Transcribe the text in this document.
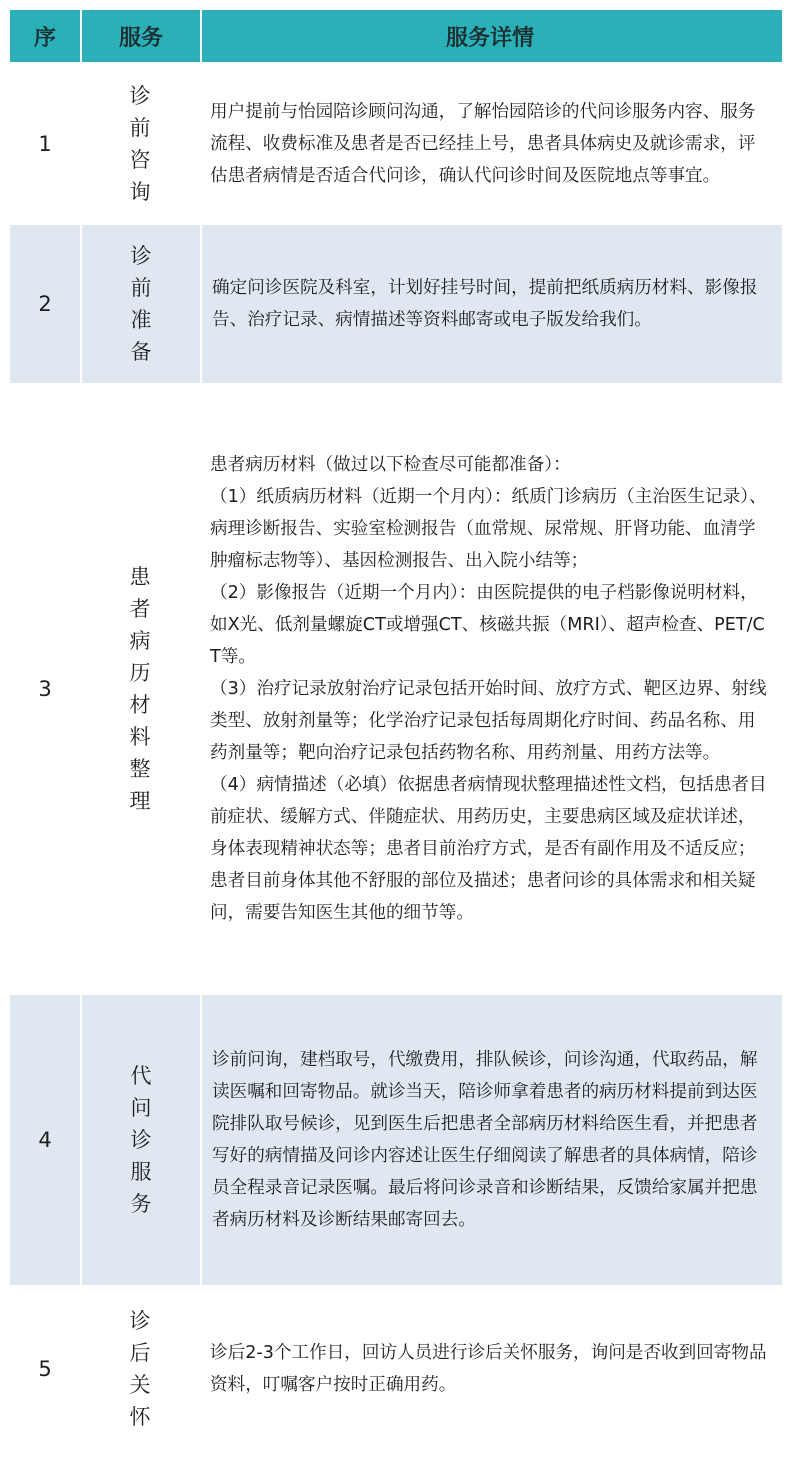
序	服务	服务详情
1
诊前咨询
用户提前与怡园陪诊顾问沟通，了解怡园陪诊的代问诊服务内容、服务流程、收费标准及患者是否已经挂上号，患者具体病史及就诊需求，评估患者病情是否适合代问诊，确认代问诊时间及医院地点等事宜。
2
诊前准备
确定问诊医院及科室，计划好挂号时间，提前把纸质病历材料、影像报告、治疗记录、病情描述等资料邮寄或电子版发给我们。
3
患者病历材料整理
患者病历材料（做过以下检查尽可能都准备）：
（1）纸质病历材料（近期一个月内）：纸质门诊病历（主治医生记录）、病理诊断报告、实验室检测报告（血常规、尿常规、肝肾功能、血清学肿瘤标志物等）、基因检测报告、出入院小结等；
（2）影像报告（近期一个月内）：由医院提供的电子档影像说明材料，如X光、低剂量螺旋CT或增强CT、核磁共振（MRI）、超声检查、PET/CT等。
（3）治疗记录放射治疗记录包括开始时间、放疗方式、靶区边界、射线类型、放射剂量等；化学治疗记录包括每周期化疗时间、药品名称、用药剂量等；靶向治疗记录包括药物名称、用药剂量、用药方法等。
（4）病情描述（必填）依据患者病情现状整理描述性文档，包括患者目前症状、缓解方式、伴随症状、用药历史，主要患病区域及症状详述，身体表现精神状态等；患者目前治疗方式，是否有副作用及不适反应；患者目前身体其他不舒服的部位及描述；患者问诊的具体需求和相关疑问，需要告知医生其他的细节等。
4
代问诊服务
诊前问询，建档取号，代缴费用，排队候诊，问诊沟通，代取药品，解读医嘱和回寄物品。就诊当天，陪诊师拿着患者的病历材料提前到达医院排队取号候诊，见到医生后把患者全部病历材料给医生看，并把患者写好的病情描及问诊内容述让医生仔细阅读了解患者的具体病情，陪诊员全程录音记录医嘱。最后将问诊录音和诊断结果，反馈给家属并把患者病历材料及诊断结果邮寄回去。
5
诊后关怀
诊后2-3个工作日，回访人员进行诊后关怀服务，询问是否收到回寄物品资料，叮嘱客户按时正确用药。
